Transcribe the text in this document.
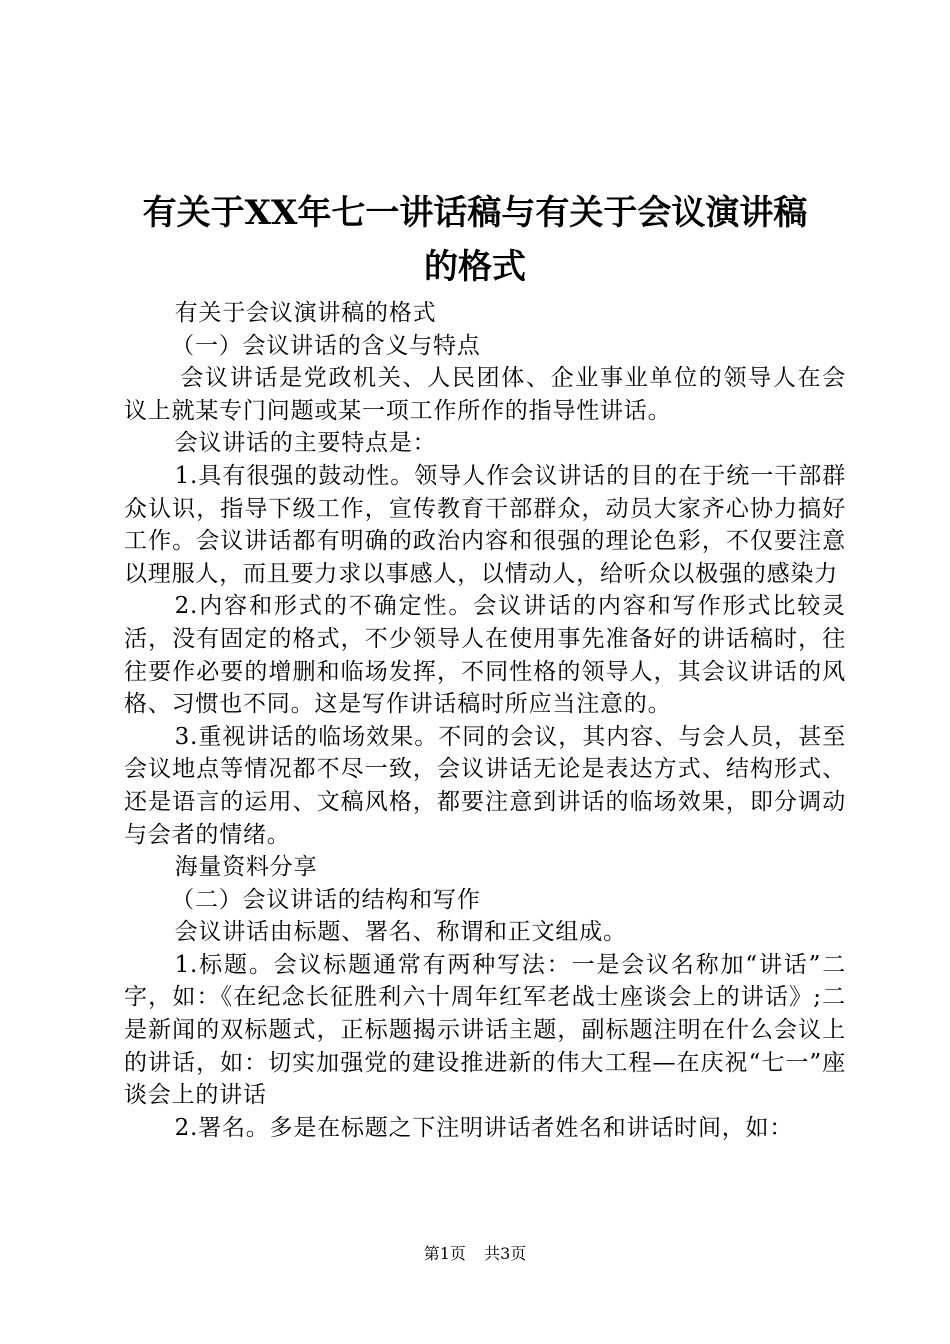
有关于XX年七一讲话稿与有关于会议演讲稿
的格式

有关于会议演讲稿的格式

（一）会议讲话的含义与特点

会议讲话是党政机关、人民团体、企业事业单位的领导人在会议上就某专门问题或某一项工作所作的指导性讲话。

会议讲话的主要特点是：

1.具有很强的鼓动性。领导人作会议讲话的目的在于统一干部群众认识，指导下级工作，宣传教育干部群众，动员大家齐心协力搞好工作。会议讲话都有明确的政治内容和很强的理论色彩，不仅要注意以理服人，而且要力求以事感人，以情动人，给听众以极强的感染力

2.内容和形式的不确定性。会议讲话的内容和写作形式比较灵活，没有固定的格式，不少领导人在使用事先准备好的讲话稿时，往往要作必要的增删和临场发挥，不同性格的领导人，其会议讲话的风格、习惯也不同。这是写作讲话稿时所应当注意的。

3.重视讲话的临场效果。不同的会议，其内容、与会人员，甚至会议地点等情况都不尽一致，会议讲话无论是表达方式、结构形式、还是语言的运用、文稿风格，都要注意到讲话的临场效果，即分调动与会者的情绪。

海量资料分享

（二）会议讲话的结构和写作

会议讲话由标题、署名、称谓和正文组成。

1.标题。会议标题通常有两种写法：一是会议名称加“讲话”二字，如：《在纪念长征胜利六十周年红军老战士座谈会上的讲话》;二是新闻的双标题式，正标题揭示讲话主题，副标题注明在什么会议上的讲话，如：切实加强党的建设推进新的伟大工程—在庆祝“七一”座谈会上的讲话

2.署名。多是在标题之下注明讲话者姓名和讲话时间，如：

第1页 共3页
